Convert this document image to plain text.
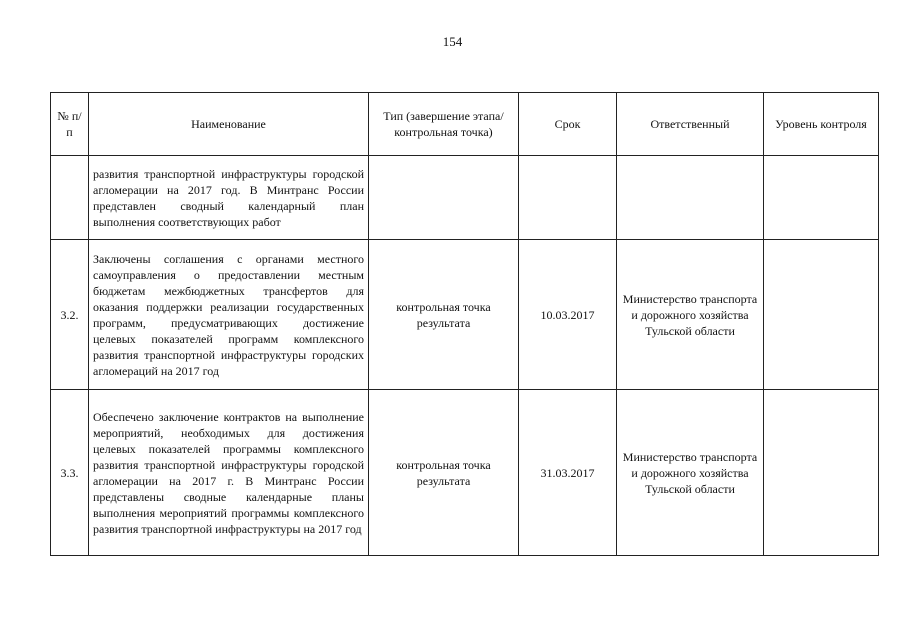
154
№ п/п	Наименование	Тип (завершение этапа/контрольная точка)	Срок	Ответственный	Уровень контроля
	развития транспортной инфраструктуры городской агломерации на 2017 год. В Минтранс России представлен сводный календарный план выполнения соответствующих работ				
3.2.	Заключены соглашения с органами местного самоуправления о предоставлении местным бюджетам межбюджетных трансфертов для оказания поддержки реализации государственных программ, предусматривающих достижение целевых показателей программ комплексного развития транспортной инфраструктуры городских агломераций на 2017 год	контрольная точка результата	10.03.2017	Министерство транспорта и дорожного хозяйства Тульской области	
3.3.	Обеспечено заключение контрактов на выполнение мероприятий, необходимых для достижения целевых показателей программы комплексного развития транспортной инфраструктуры городской агломерации на 2017 г. В Минтранс России представлены сводные календарные планы выполнения мероприятий программы комплексного развития транспортной инфраструктуры на 2017 год	контрольная точка результата	31.03.2017	Министерство транспорта и дорожного хозяйства Тульской области	
